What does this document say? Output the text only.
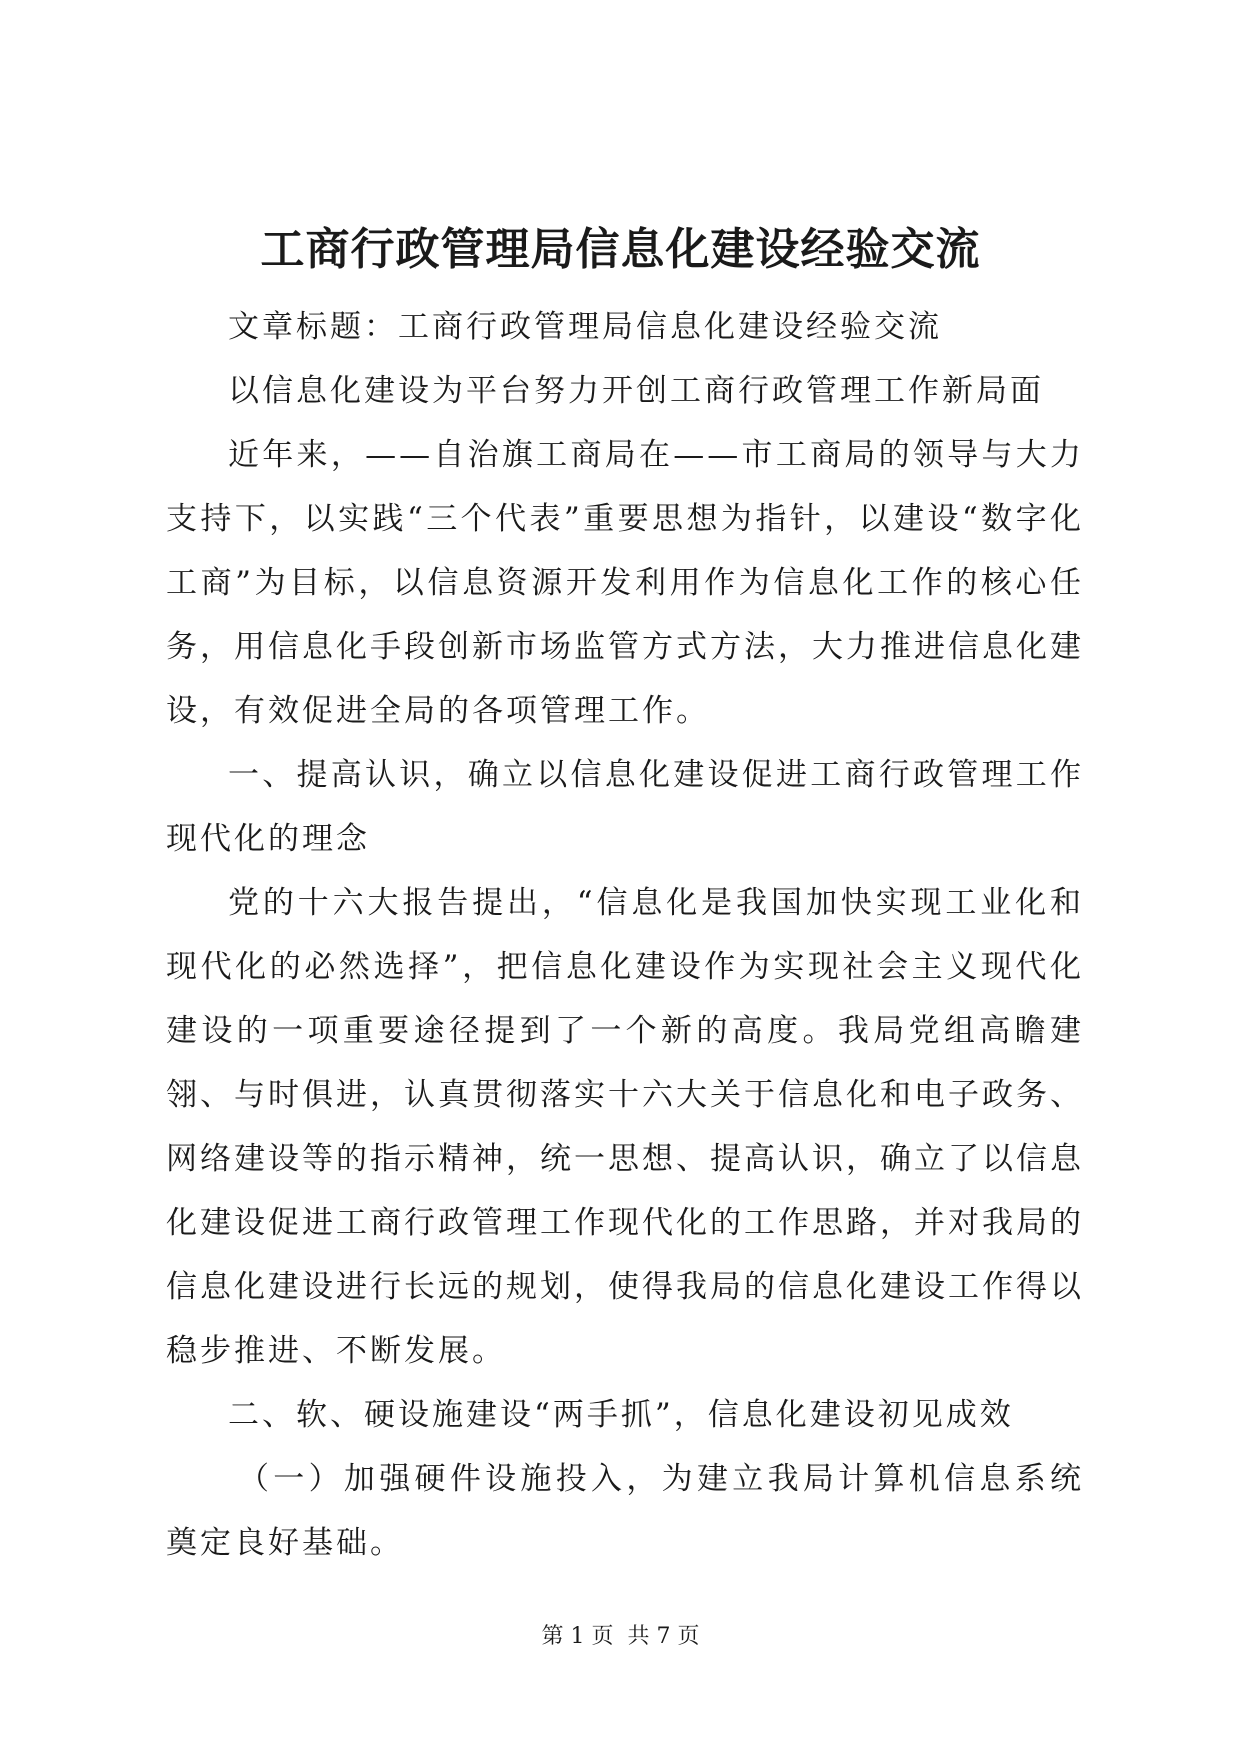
工商行政管理局信息化建设经验交流

文章标题：工商行政管理局信息化建设经验交流

以信息化建设为平台努力开创工商行政管理工作新局面

近年来，——自治旗工商局在——市工商局的领导与大力支持下，以实践“三个代表”重要思想为指针，以建设“数字化工商”为目标，以信息资源开发利用作为信息化工作的核心任务，用信息化手段创新市场监管方式方法，大力推进信息化建设，有效促进全局的各项管理工作。

一、提高认识，确立以信息化建设促进工商行政管理工作现代化的理念

党的十六大报告提出，“信息化是我国加快实现工业化和现代化的必然选择”，把信息化建设作为实现社会主义现代化建设的一项重要途径提到了一个新的高度。我局党组高瞻建翎、与时俱进，认真贯彻落实十六大关于信息化和电子政务、网络建设等的指示精神，统一思想、提高认识，确立了以信息化建设促进工商行政管理工作现代化的工作思路，并对我局的信息化建设进行长远的规划，使得我局的信息化建设工作得以稳步推进、不断发展。

二、软、硬设施建设“两手抓”，信息化建设初见成效

（一）加强硬件设施投入，为建立我局计算机信息系统奠定良好基础。

第 1 页  共 7 页
